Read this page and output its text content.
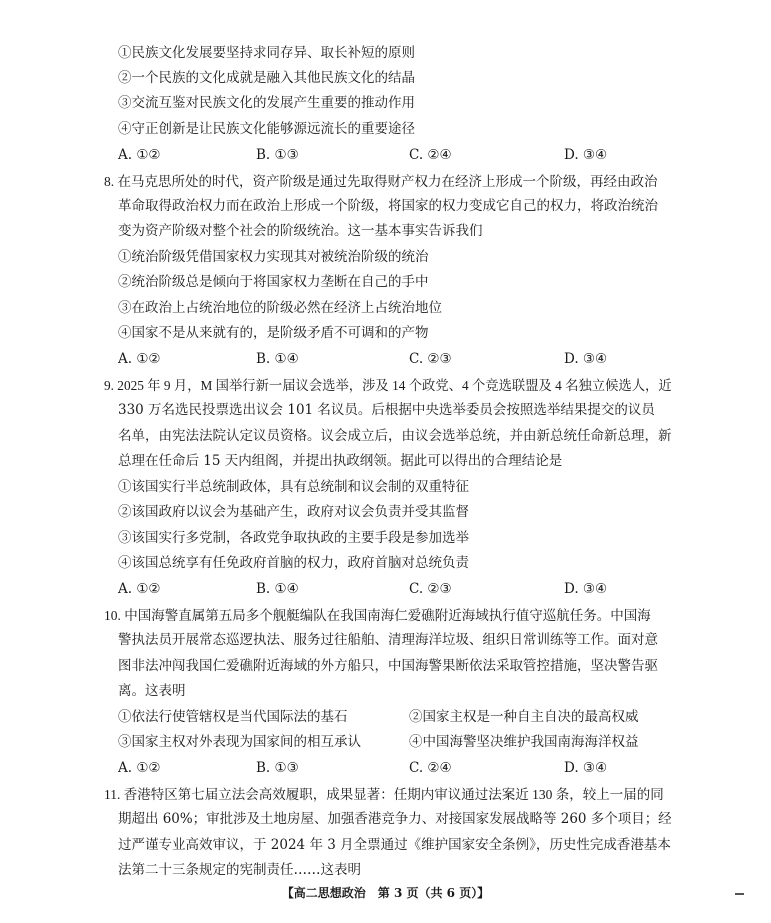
①民族文化发展要坚持求同存异、取长补短的原则
②一个民族的文化成就是融入其他民族文化的结晶
③交流互鉴对民族文化的发展产生重要的推动作用
④守正创新是让民族文化能够源远流长的重要途径
A. ①②	B. ①③	C. ②④	D. ③④
8. 在马克思所处的时代，资产阶级是通过先取得财产权力在经济上形成一个阶级，再经由政治
革命取得政治权力而在政治上形成一个阶级，将国家的权力变成它自己的权力，将政治统治
变为资产阶级对整个社会的阶级统治。这一基本事实告诉我们
①统治阶级凭借国家权力实现其对被统治阶级的统治
②统治阶级总是倾向于将国家权力垄断在自己的手中
③在政治上占统治地位的阶级必然在经济上占统治地位
④国家不是从来就有的，是阶级矛盾不可调和的产物
A. ①②	B. ①④	C. ②③	D. ③④
9. 2025 年 9 月，M 国举行新一届议会选举，涉及 14 个政党、4 个竞选联盟及 4 名独立候选人，近
330 万名选民投票选出议会 101 名议员。后根据中央选举委员会按照选举结果提交的议员
名单，由宪法法院认定议员资格。议会成立后，由议会选举总统，并由新总统任命新总理，新
总理在任命后 15 天内组阁，并提出执政纲领。据此可以得出的合理结论是
①该国实行半总统制政体，具有总统制和议会制的双重特征
②该国政府以议会为基础产生，政府对议会负责并受其监督
③该国实行多党制，各政党争取执政的主要手段是参加选举
④该国总统享有任免政府首脑的权力，政府首脑对总统负责
A. ①②	B. ①④	C. ②③	D. ③④
10. 中国海警直属第五局多个舰艇编队在我国南海仁爱礁附近海域执行值守巡航任务。中国海
警执法员开展常态巡逻执法、服务过往船舶、清理海洋垃圾、组织日常训练等工作。面对意
图非法冲闯我国仁爱礁附近海域的外方船只，中国海警果断依法采取管控措施，坚决警告驱
离。这表明
①依法行使管辖权是当代国际法的基石	②国家主权是一种自主自决的最高权威
③国家主权对外表现为国家间的相互承认	④中国海警坚决维护我国南海海洋权益
A. ①②	B. ①③	C. ②④	D. ③④
11. 香港特区第七届立法会高效履职，成果显著：任期内审议通过法案近 130 条，较上一届的同
期超出 60%；审批涉及土地房屋、加强香港竞争力、对接国家发展战略等 260 多个项目；经
过严谨专业高效审议，于 2024 年 3 月全票通过《维护国家安全条例》，历史性完成香港基本
法第二十三条规定的宪制责任……这表明
【高二思想政治　第 3 页（共 6 页）】
